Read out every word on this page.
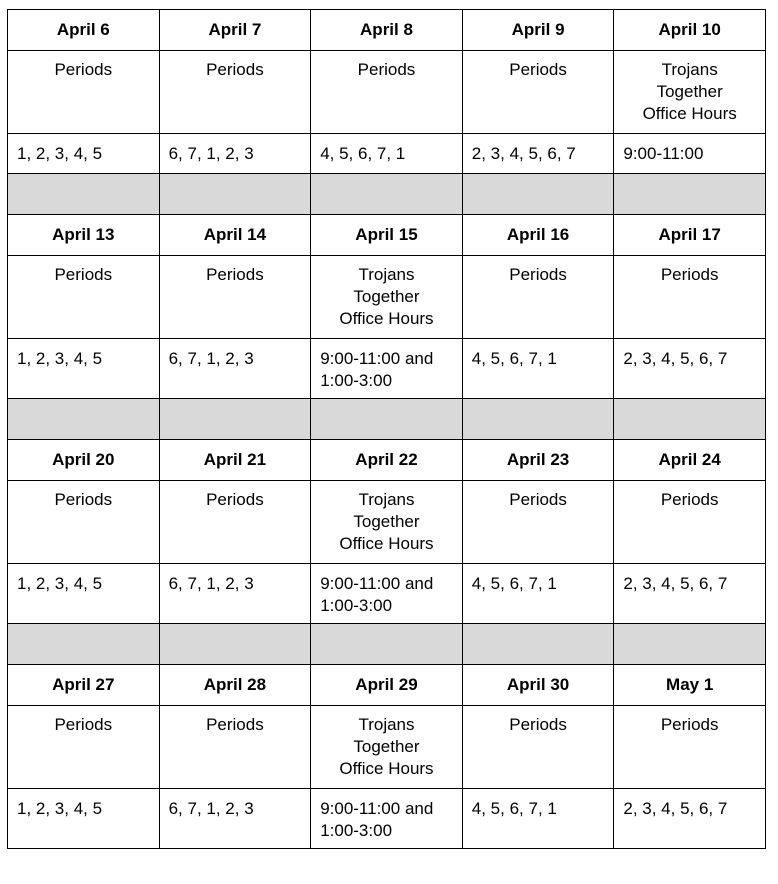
April 6	April 7	April 8	April 9	April 10

Periods	Periods	Periods	Periods	Trojans
Together
Office Hours

1, 2, 3, 4, 5	6, 7, 1, 2, 3	4, 5, 6, 7, 1	2, 3, 4, 5, 6, 7	9:00-11:00

April 13	April 14	April 15	April 16	April 17

Periods	Periods	Trojans
Together
Office Hours	Periods	Periods

1, 2, 3, 4, 5	6, 7, 1, 2, 3	9:00-11:00 and
1:00-3:00	4, 5, 6, 7, 1	2, 3, 4, 5, 6, 7

April 20	April 21	April 22	April 23	April 24

Periods	Periods	Trojans
Together
Office Hours	Periods	Periods

1, 2, 3, 4, 5	6, 7, 1, 2, 3	9:00-11:00 and
1:00-3:00	4, 5, 6, 7, 1	2, 3, 4, 5, 6, 7

April 27	April 28	April 29	April 30	May 1

Periods	Periods	Trojans
Together
Office Hours	Periods	Periods

1, 2, 3, 4, 5	6, 7, 1, 2, 3	9:00-11:00 and
1:00-3:00	4, 5, 6, 7, 1	2, 3, 4, 5, 6, 7
